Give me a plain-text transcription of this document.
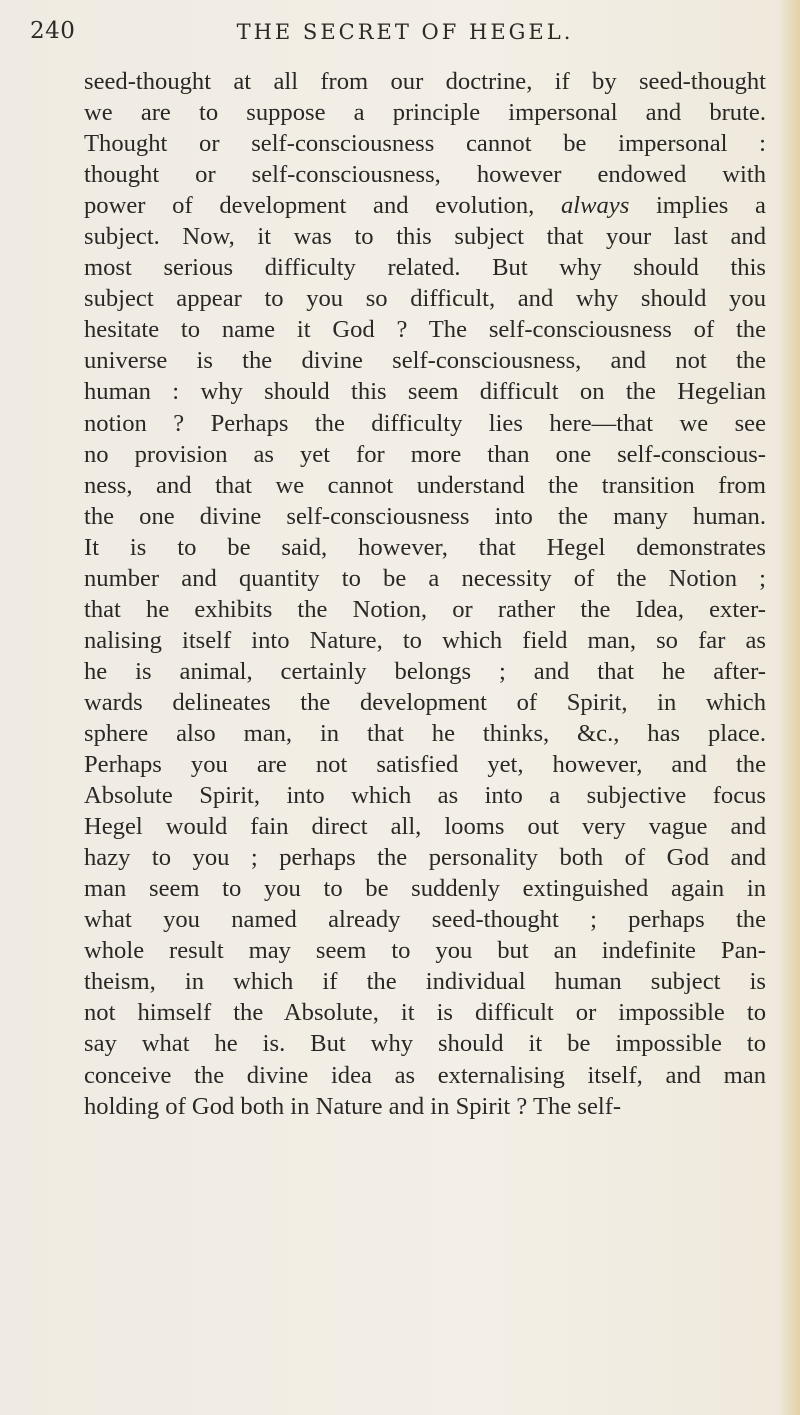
240	THE SECRET OF HEGEL.
seed-thought at all from our doctrine, if by seed-thought
we are to suppose a principle impersonal and brute.
Thought or self-consciousness cannot be impersonal :
thought or self-consciousness, however endowed with
power of development and evolution, always implies a
subject. Now, it was to this subject that your last and
most serious difficulty related. But why should this
subject appear to you so difficult, and why should you
hesitate to name it God ? The self-consciousness of the
universe is the divine self-consciousness, and not the
human : why should this seem difficult on the Hegelian
notion ? Perhaps the difficulty lies here—that we see
no provision as yet for more than one self-conscious-
ness, and that we cannot understand the transition from
the one divine self-consciousness into the many human.
It is to be said, however, that Hegel demonstrates
number and quantity to be a necessity of the Notion ;
that he exhibits the Notion, or rather the Idea, exter-
nalising itself into Nature, to which field man, so far as
he is animal, certainly belongs ; and that he after-
wards delineates the development of Spirit, in which
sphere also man, in that he thinks, &c., has place.
Perhaps you are not satisfied yet, however, and the
Absolute Spirit, into which as into a subjective focus
Hegel would fain direct all, looms out very vague and
hazy to you ; perhaps the personality both of God and
man seem to you to be suddenly extinguished again in
what you named already seed-thought ; perhaps the
whole result may seem to you but an indefinite Pan-
theism, in which if the individual human subject is
not himself the Absolute, it is difficult or impossible to
say what he is. But why should it be impossible to
conceive the divine idea as externalising itself, and man
holding of God both in Nature and in Spirit ? The self-
